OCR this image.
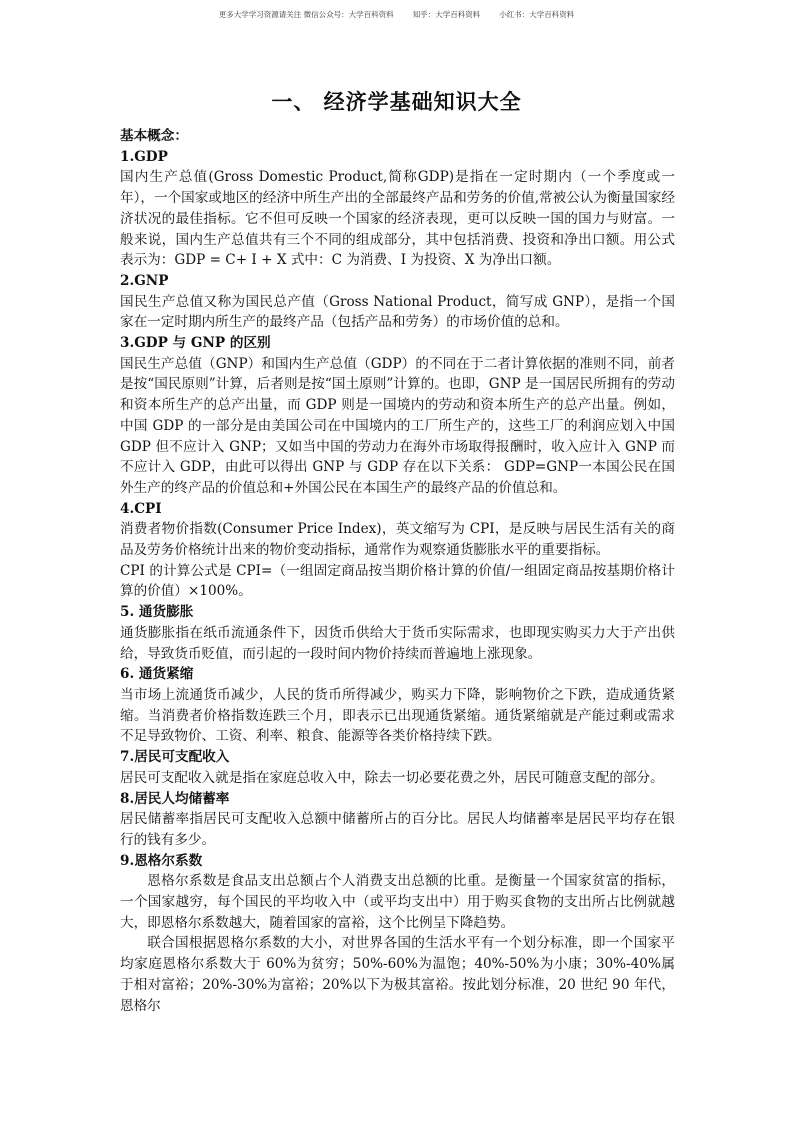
更多大学学习资源请关注 微信公众号：大学百科资料        知乎：大学百科资料        小红书：大学百科资料
一、 经济学基础知识大全

基本概念：

1.GDP

国内生产总值(Gross Domestic Product,简称GDP)是指在一定时期内（一个季度或一年），一个国家或地区的经济中所生产出的全部最终产品和劳务的价值,常被公认为衡量国家经济状况的最佳指标。它不但可反映一个国家的经济表现，更可以反映一国的国力与财富。一般来说，国内生产总值共有三个不同的组成部分，其中包括消费、投资和净出口额。用公式表示为：GDP = C+ I + X 式中：C 为消费、I 为投资、X 为净出口额。

2.GNP

国民生产总值又称为国民总产值（Gross National Product，简写成 GNP），是指一个国家在一定时期内所生产的最终产品（包括产品和劳务）的市场价值的总和。

3.GDP 与 GNP 的区别

国民生产总值（GNP）和国内生产总值（GDP）的不同在于二者计算依据的准则不同，前者是按“国民原则”计算，后者则是按“国土原则”计算的。也即，GNP 是一国居民所拥有的劳动和资本所生产的总产出量，而 GDP 则是一国境内的劳动和资本所生产的总产出量。例如，中国 GDP 的一部分是由美国公司在中国境内的工厂所生产的，这些工厂的利润应划入中国 GDP 但不应计入 GNP；又如当中国的劳动力在海外市场取得报酬时，收入应计入 GNP 而不应计入 GDP，由此可以得出 GNP 与 GDP 存在以下关系： GDP=GNP一本国公民在国外生产的终产品的价值总和+外国公民在本国生产的最终产品的价值总和。

4.CPI

消费者物价指数(Consumer Price Index)，英文缩写为 CPI，是反映与居民生活有关的商品及劳务价格统计出来的物价变动指标，通常作为观察通货膨胀水平的重要指标。

CPI 的计算公式是 CPI=（一组固定商品按当期价格计算的价值/一组固定商品按基期价格计算的价值）×100%。

5. 通货膨胀

通货膨胀指在纸币流通条件下，因货币供给大于货币实际需求，也即现实购买力大于产出供给，导致货币贬值，而引起的一段时间内物价持续而普遍地上涨现象。

6. 通货紧缩

当市场上流通货币减少，人民的货币所得减少，购买力下降，影响物价之下跌，造成通货紧缩。当消费者价格指数连跌三个月，即表示已出现通货紧缩。通货紧缩就是产能过剩或需求不足导致物价、工资、利率、粮食、能源等各类价格持续下跌。

7.居民可支配收入

居民可支配收入就是指在家庭总收入中，除去一切必要花费之外，居民可随意支配的部分。

8.居民人均储蓄率

居民储蓄率指居民可支配收入总额中储蓄所占的百分比。居民人均储蓄率是居民平均存在银行的钱有多少。

9.恩格尔系数

恩格尔系数是食品支出总额占个人消费支出总额的比重。是衡量一个国家贫富的指标，一个国家越穷，每个国民的平均收入中（或平均支出中）用于购买食物的支出所占比例就越大，即恩格尔系数越大，随着国家的富裕，这个比例呈下降趋势。

联合国根据恩格尔系数的大小，对世界各国的生活水平有一个划分标准，即一个国家平均家庭恩格尔系数大于 60%为贫穷；50%-60%为温饱；40%-50%为小康；30%-40%属于相对富裕；20%-30%为富裕；20%以下为极其富裕。按此划分标准，20 世纪 90 年代，恩格尔
